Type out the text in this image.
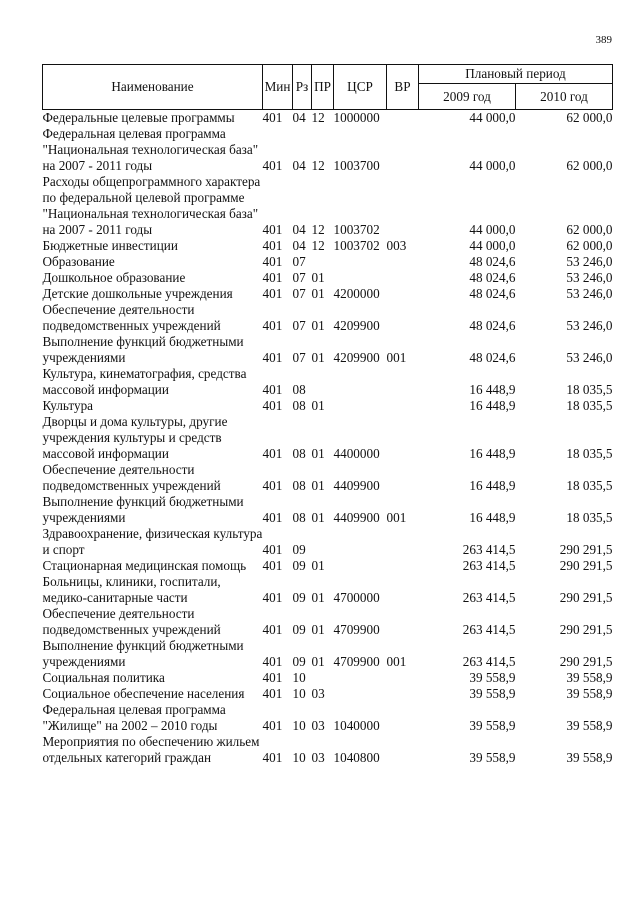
389
Наименование	Мин	Рз	ПР	ЦСР	ВР	Плановый период	
						2009 год	2010 год
Федеральные целевые программы	401	04	12	1000000		44 000,0	62 000,0
Федеральная целевая программа "Национальная технологическая база" на 2007 - 2011 годы	401	04	12	1003700		44 000,0	62 000,0
Расходы общепрограммного характера по федеральной целевой программе "Национальная технологическая база" на 2007 - 2011 годы	401	04	12	1003702		44 000,0	62 000,0
Бюджетные инвестиции	401	04	12	1003702	003	44 000,0	62 000,0
Образование	401	07				48 024,6	53 246,0
Дошкольное образование	401	07	01			48 024,6	53 246,0
Детские дошкольные учреждения	401	07	01	4200000		48 024,6	53 246,0
Обеспечение деятельности подведомственных учреждений	401	07	01	4209900		48 024,6	53 246,0
Выполнение функций бюджетными учреждениями	401	07	01	4209900	001	48 024,6	53 246,0
Культура, кинематография, средства массовой информации	401	08				16 448,9	18 035,5
Культура	401	08	01			16 448,9	18 035,5
Дворцы и дома культуры, другие учреждения культуры и средств массовой информации	401	08	01	4400000		16 448,9	18 035,5
Обеспечение деятельности подведомственных учреждений	401	08	01	4409900		16 448,9	18 035,5
Выполнение функций бюджетными учреждениями	401	08	01	4409900	001	16 448,9	18 035,5
Здравоохранение, физическая культура и спорт	401	09				263 414,5	290 291,5
Стационарная медицинская помощь	401	09	01			263 414,5	290 291,5
Больницы, клиники, госпитали, медико-санитарные части	401	09	01	4700000		263 414,5	290 291,5
Обеспечение деятельности подведомственных учреждений	401	09	01	4709900		263 414,5	290 291,5
Выполнение функций бюджетными учреждениями	401	09	01	4709900	001	263 414,5	290 291,5
Социальная политика	401	10				39 558,9	39 558,9
Социальное обеспечение населения	401	10	03			39 558,9	39 558,9
Федеральная целевая программа "Жилище" на 2002 – 2010 годы	401	10	03	1040000		39 558,9	39 558,9
Мероприятия по обеспечению жильем отдельных категорий граждан	401	10	03	1040800		39 558,9	39 558,9
